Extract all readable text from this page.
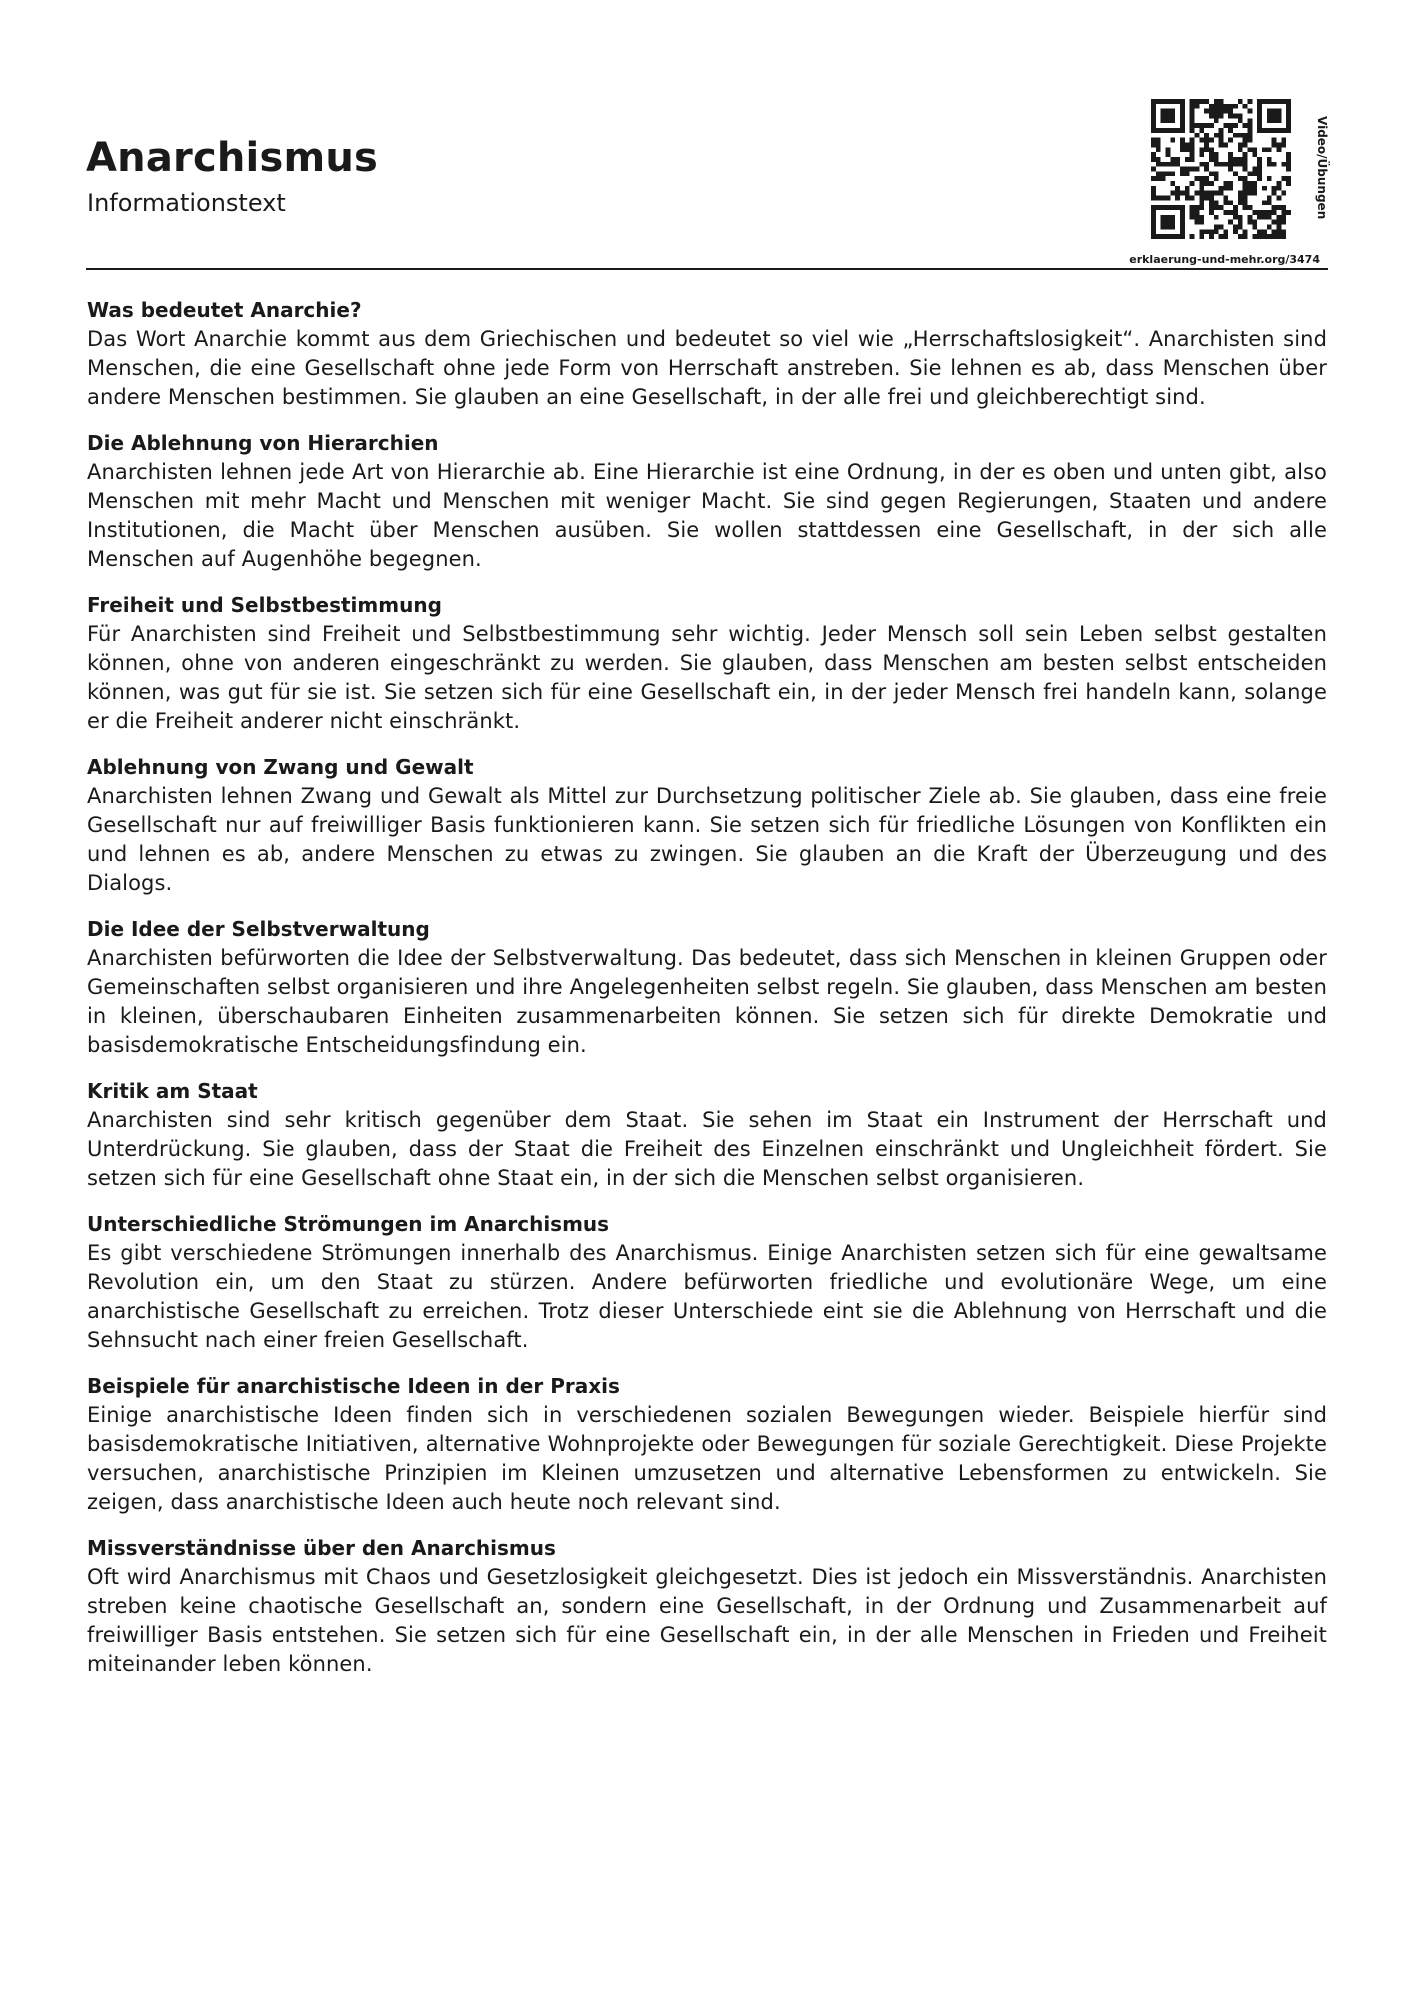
Anarchismus
Informationstext	Video/Übungen
erklaerung-und-mehr.org/3474
Was bedeutet Anarchie?

Das Wort Anarchie kommt aus dem Griechischen und bedeutet so viel wie „Herrschaftslosigkeit“. Anarchisten sind Menschen, die eine Gesellschaft ohne jede Form von Herrschaft anstreben. Sie lehnen es ab, dass Menschen über andere Menschen bestimmen. Sie glauben an eine Gesellschaft, in der alle frei und gleichberechtigt sind.

Die Ablehnung von Hierarchien

Anarchisten lehnen jede Art von Hierarchie ab. Eine Hierarchie ist eine Ordnung, in der es oben und unten gibt, also Menschen mit mehr Macht und Menschen mit weniger Macht. Sie sind gegen Regierungen, Staaten und andere Institutionen, die Macht über Menschen ausüben. Sie wollen stattdessen eine Gesellschaft, in der sich alle Menschen auf Augenhöhe begegnen.

Freiheit und Selbstbestimmung

Für Anarchisten sind Freiheit und Selbstbestimmung sehr wichtig. Jeder Mensch soll sein Leben selbst gestalten können, ohne von anderen eingeschränkt zu werden. Sie glauben, dass Menschen am besten selbst entscheiden können, was gut für sie ist. Sie setzen sich für eine Gesellschaft ein, in der jeder Mensch frei handeln kann, solange er die Freiheit anderer nicht einschränkt.

Ablehnung von Zwang und Gewalt

Anarchisten lehnen Zwang und Gewalt als Mittel zur Durchsetzung politischer Ziele ab. Sie glauben, dass eine freie Gesellschaft nur auf freiwilliger Basis funktionieren kann. Sie setzen sich für friedliche Lösungen von Konflikten ein und lehnen es ab, andere Menschen zu etwas zu zwingen. Sie glauben an die Kraft der Überzeugung und des Dialogs.

Die Idee der Selbstverwaltung

Anarchisten befürworten die Idee der Selbstverwaltung. Das bedeutet, dass sich Menschen in kleinen Gruppen oder Gemeinschaften selbst organisieren und ihre Angelegenheiten selbst regeln. Sie glauben, dass Menschen am besten in kleinen, überschaubaren Einheiten zusammenarbeiten können. Sie setzen sich für direkte Demokratie und basisdemokratische Entscheidungsfindung ein.

Kritik am Staat

Anarchisten sind sehr kritisch gegenüber dem Staat. Sie sehen im Staat ein Instrument der Herrschaft und Unterdrückung. Sie glauben, dass der Staat die Freiheit des Einzelnen einschränkt und Ungleichheit fördert. Sie setzen sich für eine Gesellschaft ohne Staat ein, in der sich die Menschen selbst organisieren.

Unterschiedliche Strömungen im Anarchismus

Es gibt verschiedene Strömungen innerhalb des Anarchismus. Einige Anarchisten setzen sich für eine gewaltsame Revolution ein, um den Staat zu stürzen. Andere befürworten friedliche und evolutionäre Wege, um eine anarchistische Gesellschaft zu erreichen. Trotz dieser Unterschiede eint sie die Ablehnung von Herrschaft und die Sehnsucht nach einer freien Gesellschaft.

Beispiele für anarchistische Ideen in der Praxis

Einige anarchistische Ideen finden sich in verschiedenen sozialen Bewegungen wieder. Beispiele hierfür sind basisdemokratische Initiativen, alternative Wohnprojekte oder Bewegungen für soziale Gerechtigkeit. Diese Projekte versuchen, anarchistische Prinzipien im Kleinen umzusetzen und alternative Lebensformen zu entwickeln. Sie zeigen, dass anarchistische Ideen auch heute noch relevant sind.

Missverständnisse über den Anarchismus

Oft wird Anarchismus mit Chaos und Gesetzlosigkeit gleichgesetzt. Dies ist jedoch ein Missverständnis. Anarchisten streben keine chaotische Gesellschaft an, sondern eine Gesellschaft, in der Ordnung und Zusammenarbeit auf freiwilliger Basis entstehen. Sie setzen sich für eine Gesellschaft ein, in der alle Menschen in Frieden und Freiheit miteinander leben können.
